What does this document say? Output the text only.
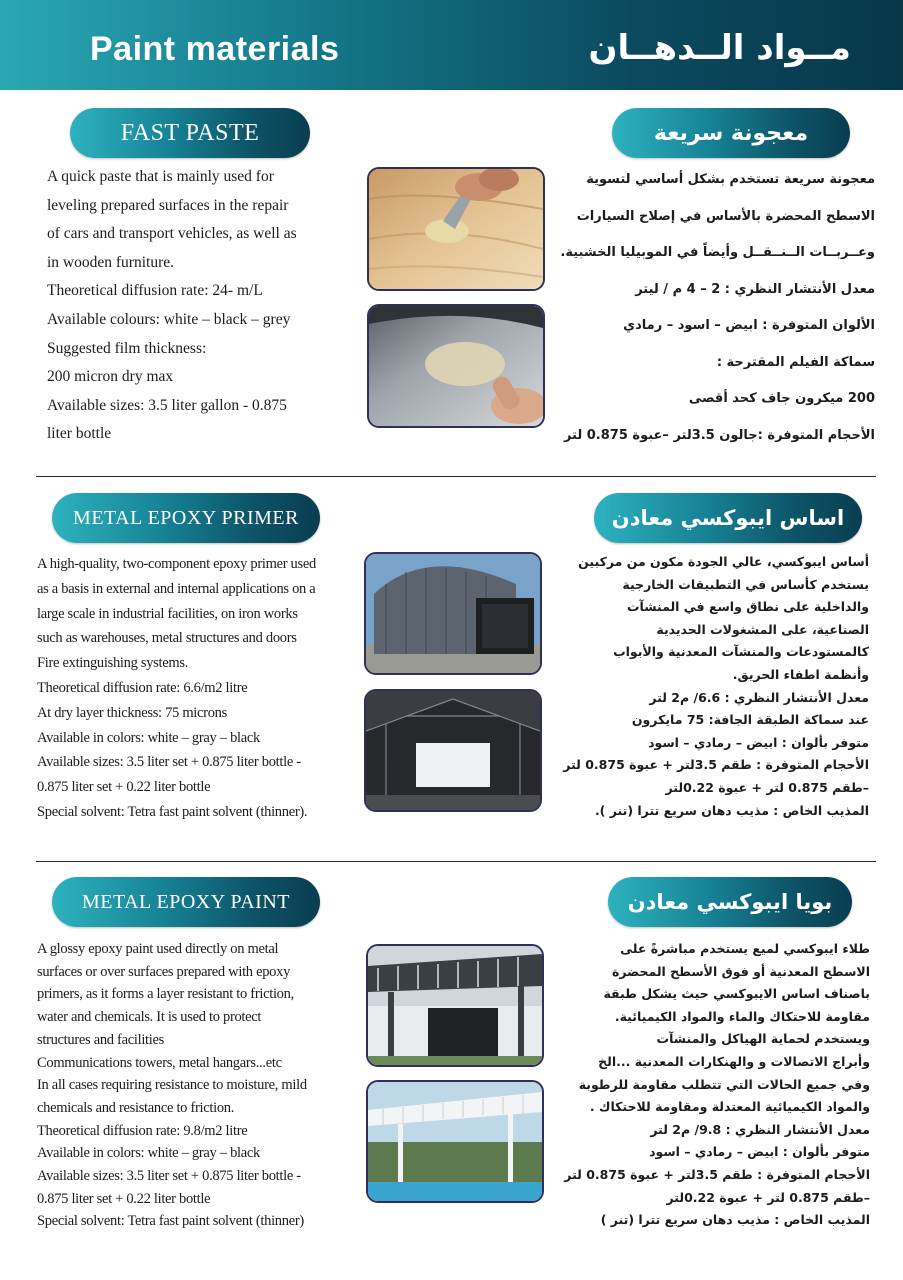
Paint materials	مــواد الــدهــان
FAST PASTE	معجونة سريعة
A quick paste that is mainly used for
leveling prepared surfaces in the repair
of cars and transport vehicles, as well as
in wooden furniture.
Theoretical diffusion rate: 24- m/L
Available colours: white – black – grey
Suggested film thickness:
200 micron dry max
Available sizes: 3.5 liter gallon - 0.875
liter bottle
معجونة سريعة تستخدم بشكل أساسي لتسوية
الاسطح المحضرة بالأساس في إصلاح السيارات
وعــربــات الــنــقــل وأيضاً في الموبيليا الخشبية.
معدل الأنتشار النظري : 2 – 4 م / ليتر
الألوان المتوفرة : ابيض – اسود – رمادي
سماكة الفيلم المقترحة :
200 ميكرون جاف كحد أقصى
الأحجام المتوفرة :جالون 3.5لتر –عبوة 0.875 لتر
METAL EPOXY PRIMER	اساس ايبوكسي معادن
A high-quality, two-component epoxy primer used
as a basis in external and internal applications on a
large scale in industrial facilities, on iron works
such as warehouses, metal structures and doors
Fire extinguishing systems.
Theoretical diffusion rate: 6.6/m2 litre
At dry layer thickness: 75 microns
Available in colors: white – gray – black
Available sizes: 3.5 liter set + 0.875 liter bottle -
0.875 liter set + 0.22 liter bottle
Special solvent: Tetra fast paint solvent (thinner).
أساس ايبوكسي، عالي الجودة مكون من مركبين
يستخدم كأساس في التطبيقات الخارجية
والداخلية على نطاق واسع في المنشآت
الصناعية، على المشغولات الحديدية
كالمستودعات والمنشآت المعدنية والأبواب
وأنظمة اطفاء الحريق.
معدل الأنتشار النظري : 6.6/ م2 لتر
عند سماكة الطبقة الجافة: 75 مايكرون
متوفر بألوان : ابيض – رمادي – اسود
الأحجام المتوفرة : طقم 3.5لتر + عبوة 0.875 لتر
–طقم 0.875 لتر + عبوة 0.22لتر
المذيب الخاص : مذيب دهان سريع تترا (تنر ).
METAL EPOXY PAINT	بويا ايبوكسي معادن
A glossy epoxy paint used directly on metal
surfaces or over surfaces prepared with epoxy
primers, as it forms a layer resistant to friction,
water and chemicals. It is used to protect
structures and facilities
Communications towers, metal hangars...etc
In all cases requiring resistance to moisture, mild
chemicals and resistance to friction.
Theoretical diffusion rate: 9.8/m2 litre
Available in colors: white – gray – black
Available sizes: 3.5 liter set + 0.875 liter bottle -
0.875 liter set + 0.22 liter bottle
Special solvent: Tetra fast paint solvent (thinner)
طلاء ايبوكسي لميع يستخدم مباشرةً على
الاسطح المعدنية أو فوق الأسطح المحضرة
باصناف اساس الايبوكسي حيث يشكل طبقة
مقاومة للاحتكاك والماء والمواد الكيميائية.
ويستخدم لحماية الهياكل والمنشآت
وأبراج الاتصالات و والهنكارات المعدنية ...الخ
وفي جميع الحالات التي تتطلب مقاومة للرطوبة
والمواد الكيميائية المعتدلة ومقاومة للاحتكاك .
معدل الأنتشار النظري : 9.8/ م2 لتر
متوفر بألوان : ابيض – رمادي – اسود
الأحجام المتوفرة : طقم 3.5لتر + عبوة 0.875 لتر
–طقم 0.875 لتر + عبوة 0.22لتر
المذيب الخاص : مذيب دهان سريع تترا (تنر )
